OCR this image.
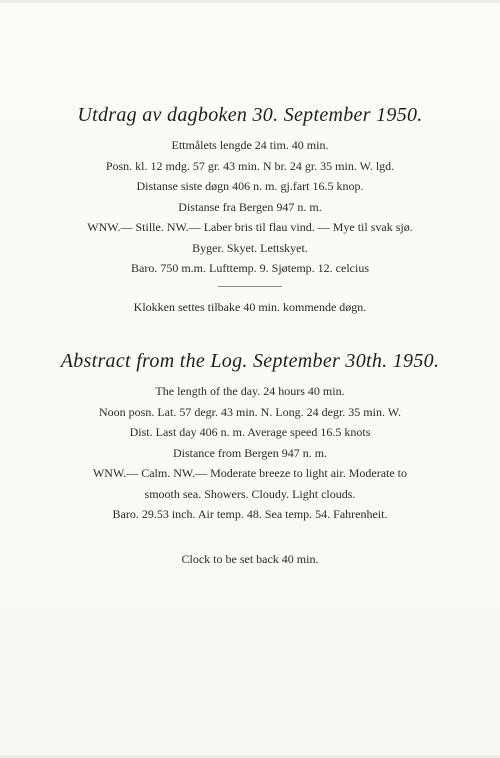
Utdrag av dagboken 30. September 1950.
Ettmålets lengde 24 tim. 40 min.
Posn. kl. 12 mdg. 57 gr. 43 min. N br. 24 gr. 35 min. W. lgd.
Distanse siste døgn 406 n. m. gj.fart 16.5 knop.
Distanse fra Bergen 947 n. m.
WNW.— Stille. NW.— Laber bris til flau vind. — Mye til svak sjø.
Byger. Skyet. Lettskyet.
Baro. 750 m.m. Lufttemp. 9. Sjøtemp. 12. celcius
Klokken settes tilbake 40 min. kommende døgn.
Abstract from the Log. September 30th. 1950.
The length of the day. 24 hours 40 min.
Noon posn. Lat. 57 degr. 43 min. N. Long. 24 degr. 35 min. W.
Dist. Last day 406 n. m. Average speed 16.5 knots
Distance from Bergen 947 n. m.
WNW.— Calm. NW.— Moderate breeze to light air. Moderate to
smooth sea. Showers. Cloudy. Light clouds.
Baro. 29.53 inch. Air temp. 48. Sea temp. 54. Fahrenheit.
Clock to be set back 40 min.
